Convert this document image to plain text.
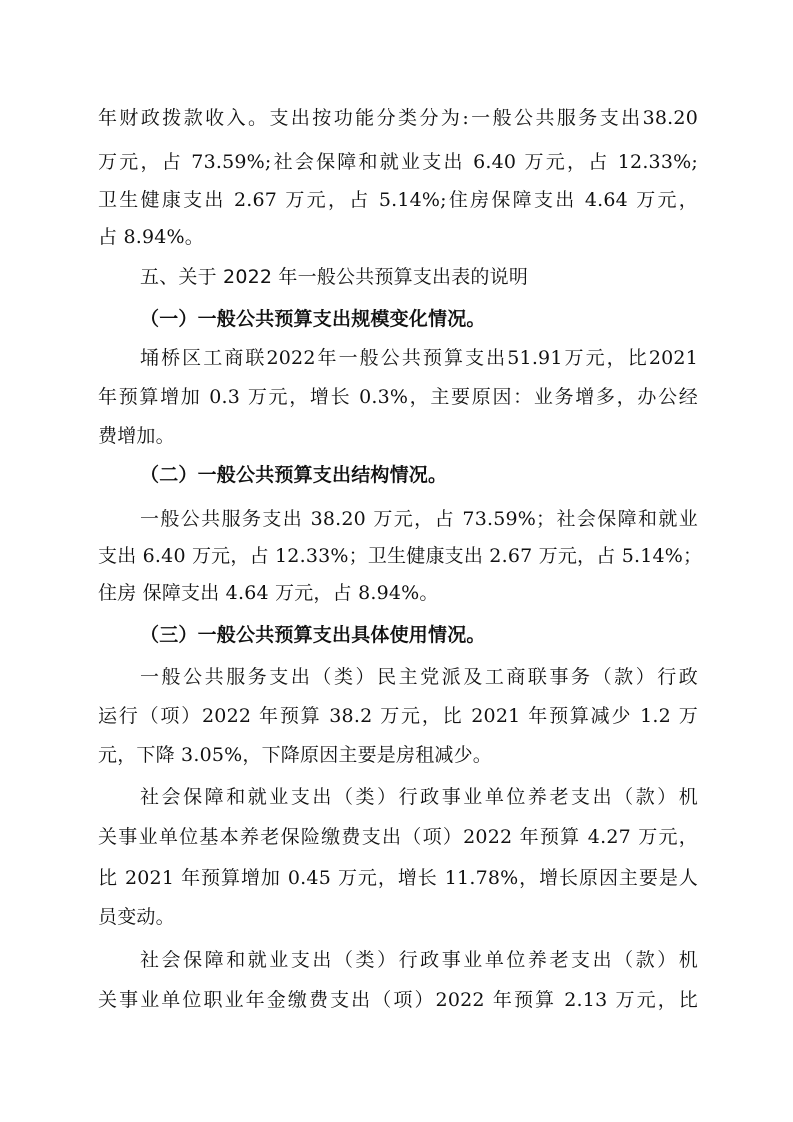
年财政拨款收入。支出按功能分类分为:一般公共服务支出38.20
万元，占 73.59%;社会保障和就业支出 6.40 万元，占 12.33%;
卫生健康支出 2.67 万元，占 5.14%;住房保障支出 4.64 万元，
占 8.94%。
五、关于 2022 年一般公共预算支出表的说明
（一）一般公共预算支出规模变化情况。
埇桥区工商联2022年一般公共预算支出51.91万元，比2021
年预算增加 0.3 万元，增长 0.3%，主要原因：业务增多，办公经
费增加。
（二）一般公共预算支出结构情况。
一般公共服务支出 38.20 万元，占 73.59%；社会保障和就业
支出 6.40 万元，占 12.33%；卫生健康支出 2.67 万元，占 5.14%；
住房 保障支出 4.64 万元，占 8.94%。
（三）一般公共预算支出具体使用情况。
一般公共服务支出（类）民主党派及工商联事务（款）行政
运行（项）2022 年预算 38.2 万元，比 2021 年预算减少 1.2 万
元，下降 3.05%，下降原因主要是房租减少。
社会保障和就业支出（类）行政事业单位养老支出（款）机
关事业单位基本养老保险缴费支出（项）2022 年预算 4.27 万元，
比 2021 年预算增加 0.45 万元，增长 11.78%，增长原因主要是人
员变动。
社会保障和就业支出（类）行政事业单位养老支出（款）机
关事业单位职业年金缴费支出（项）2022 年预算 2.13 万元，比
